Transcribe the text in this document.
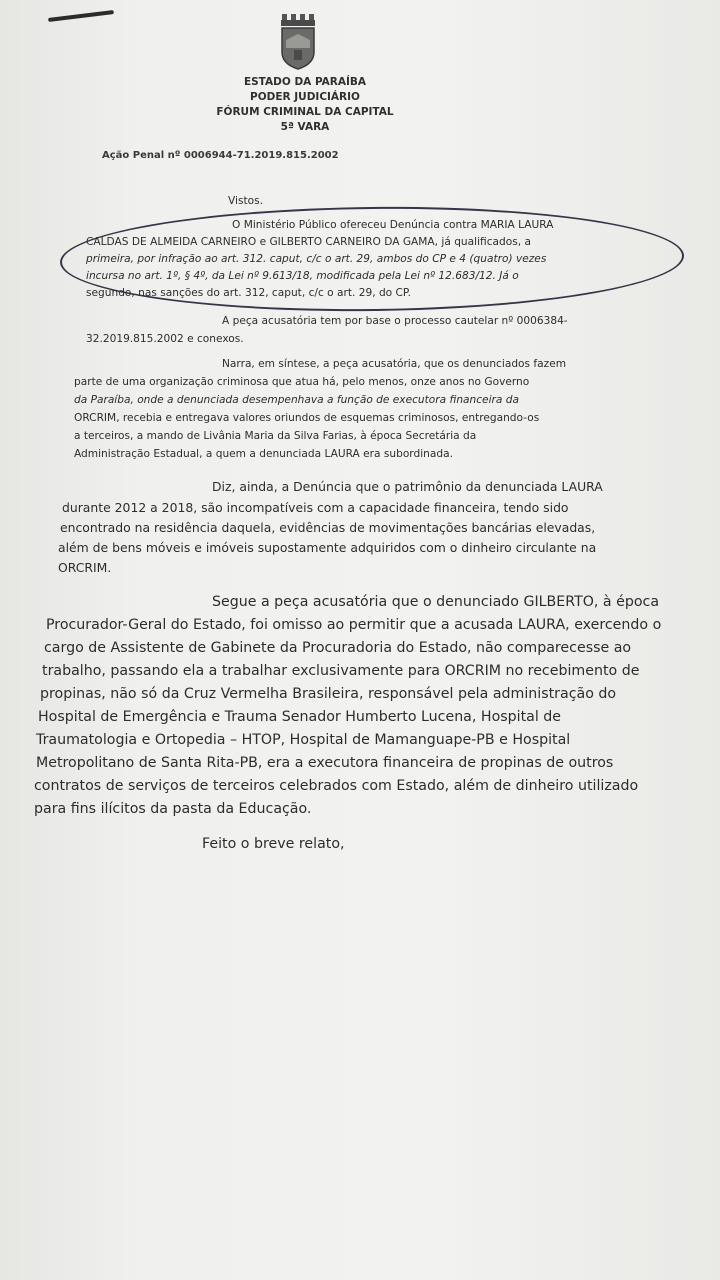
ESTADO DA PARAÍBA
PODER JUDICIÁRIO
FÓRUM CRIMINAL DA CAPITAL
5ª VARA
Ação Penal nº 0006944-71.2019.815.2002
Vistos.
O Ministério Público ofereceu Denúncia contra MARIA LAURA
CALDAS DE ALMEIDA CARNEIRO e GILBERTO CARNEIRO DA GAMA, já qualificados, a
primeira, por infração ao art. 312. caput, c/c o art. 29, ambos do CP e 4 (quatro) vezes
incursa no art. 1º, § 4º, da Lei nº 9.613/18, modificada pela Lei nº 12.683/12. Já o
segundo, nas sanções do art. 312, caput, c/c o art. 29, do CP.
A peça acusatória tem por base o processo cautelar nº 0006384-
32.2019.815.2002 e conexos.
Narra, em síntese, a peça acusatória, que os denunciados fazem
parte de uma organização criminosa que atua há, pelo menos, onze anos no Governo
da Paraíba, onde a denunciada desempenhava a função de executora financeira da
ORCRIM, recebia e entregava valores oriundos de esquemas criminosos, entregando-os
a terceiros, a mando de Livânia Maria da Silva Farias, à época Secretária da
Administração Estadual, a quem a denunciada LAURA era subordinada.
Diz, ainda, a Denúncia que o patrimônio da denunciada LAURA
durante 2012 a 2018, são incompatíveis com a capacidade financeira, tendo sido
encontrado na residência daquela, evidências de movimentações bancárias elevadas,
além de bens móveis e imóveis supostamente adquiridos com o dinheiro circulante na
ORCRIM.
Segue a peça acusatória que o denunciado GILBERTO, à época
Procurador-Geral do Estado, foi omisso ao permitir que a acusada LAURA, exercendo o
cargo de Assistente de Gabinete da Procuradoria do Estado, não comparecesse ao
trabalho, passando ela a trabalhar exclusivamente para ORCRIM no recebimento de
propinas, não só da Cruz Vermelha Brasileira, responsável pela administração do
Hospital de Emergência e Trauma Senador Humberto Lucena, Hospital de
Traumatologia e Ortopedia – HTOP, Hospital de Mamanguape-PB e Hospital
Metropolitano de Santa Rita-PB, era a executora financeira de propinas de outros
contratos de serviços de terceiros celebrados com Estado, além de dinheiro utilizado
para fins ilícitos da pasta da Educação.
Feito o breve relato,
